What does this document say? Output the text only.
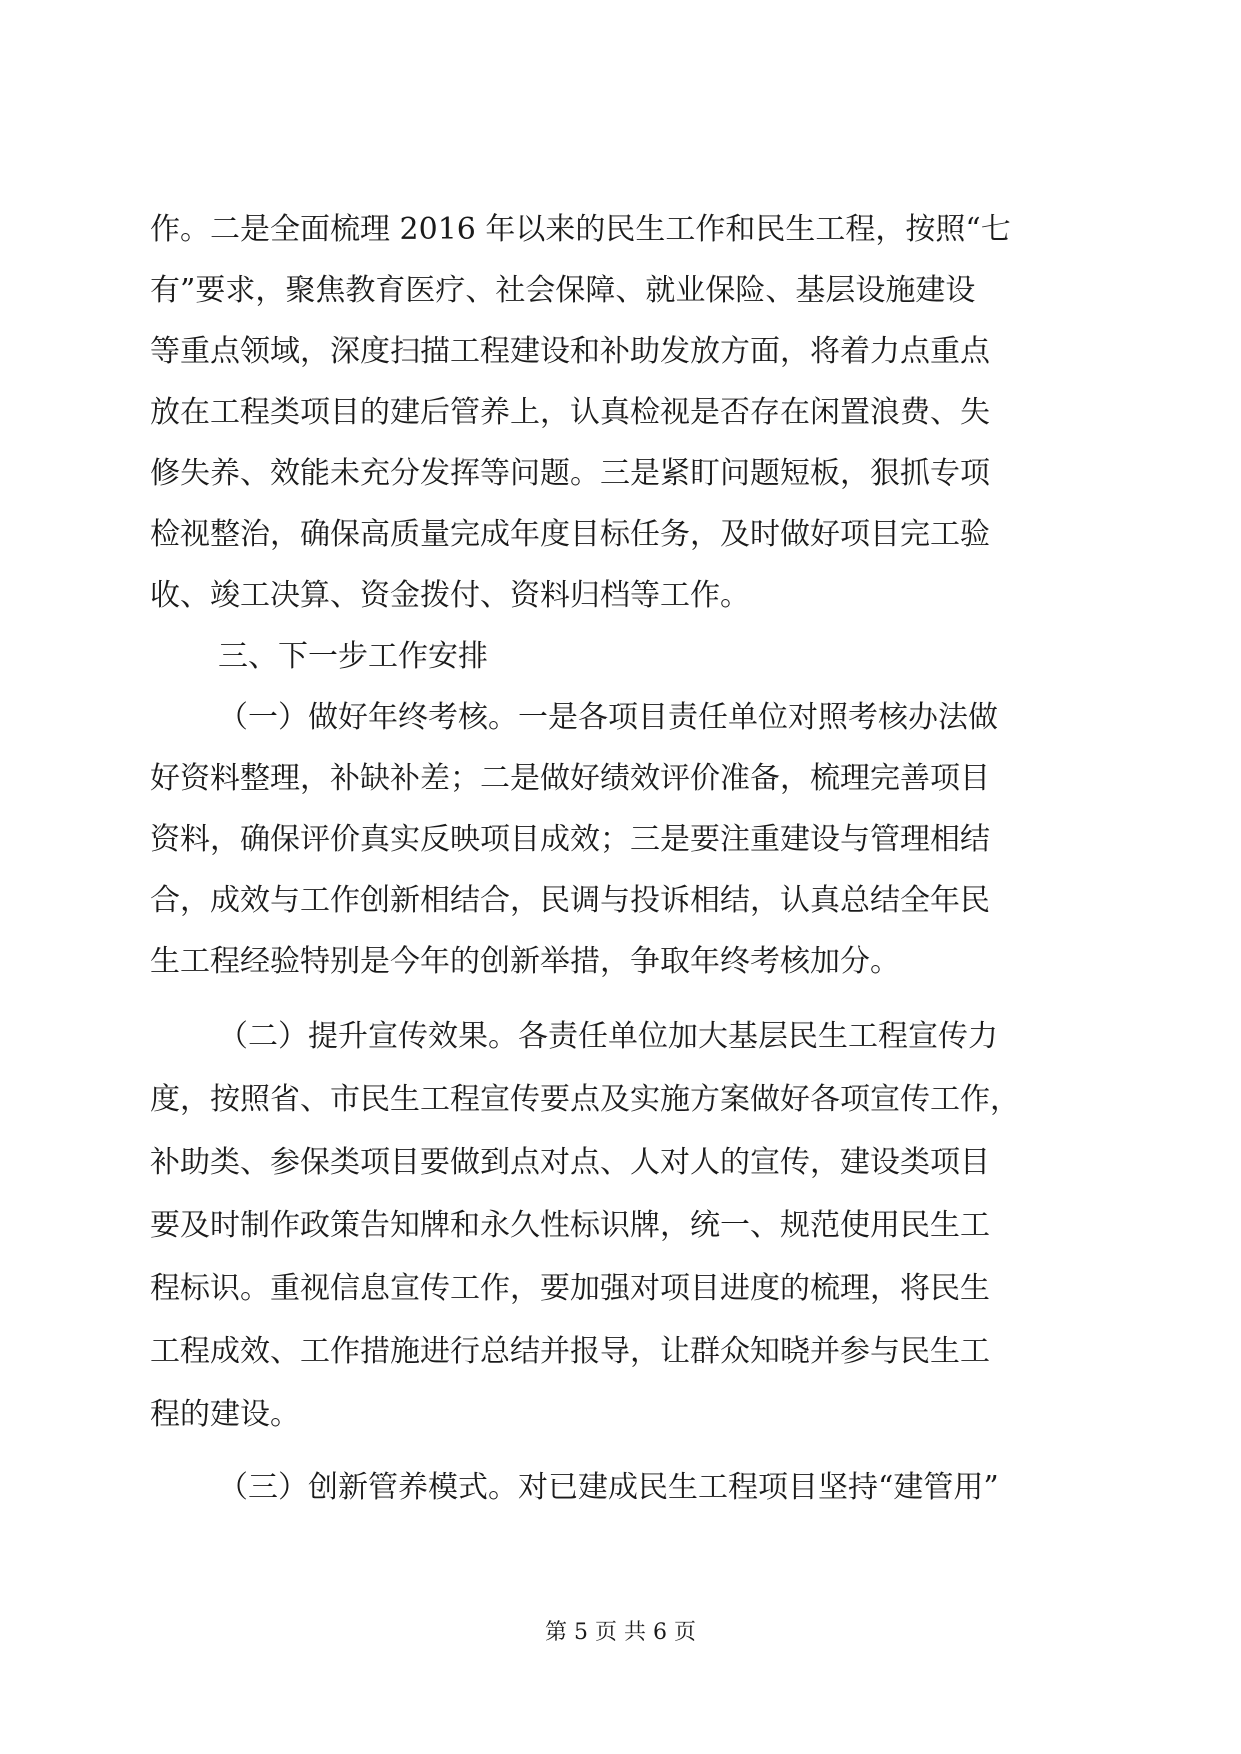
作。二是全面梳理 2016 年以来的民生工作和民生工程，按照“七
有”要求，聚焦教育医疗、社会保障、就业保险、基层设施建设
等重点领域，深度扫描工程建设和补助发放方面，将着力点重点
放在工程类项目的建后管养上，认真检视是否存在闲置浪费、失
修失养、效能未充分发挥等问题。三是紧盯问题短板，狠抓专项
检视整治，确保高质量完成年度目标任务，及时做好项目完工验
收、竣工决算、资金拨付、资料归档等工作。
三、下一步工作安排
（一）做好年终考核。一是各项目责任单位对照考核办法做
好资料整理，补缺补差；二是做好绩效评价准备，梳理完善项目
资料，确保评价真实反映项目成效；三是要注重建设与管理相结
合，成效与工作创新相结合，民调与投诉相结，认真总结全年民
生工程经验特别是今年的创新举措，争取年终考核加分。
（二）提升宣传效果。各责任单位加大基层民生工程宣传力
度，按照省、市民生工程宣传要点及实施方案做好各项宣传工作，
补助类、参保类项目要做到点对点、人对人的宣传，建设类项目
要及时制作政策告知牌和永久性标识牌，统一、规范使用民生工
程标识。重视信息宣传工作，要加强对项目进度的梳理，将民生
工程成效、工作措施进行总结并报导，让群众知晓并参与民生工
程的建设。
（三）创新管养模式。对已建成民生工程项目坚持“建管用”
第 5 页 共 6 页
